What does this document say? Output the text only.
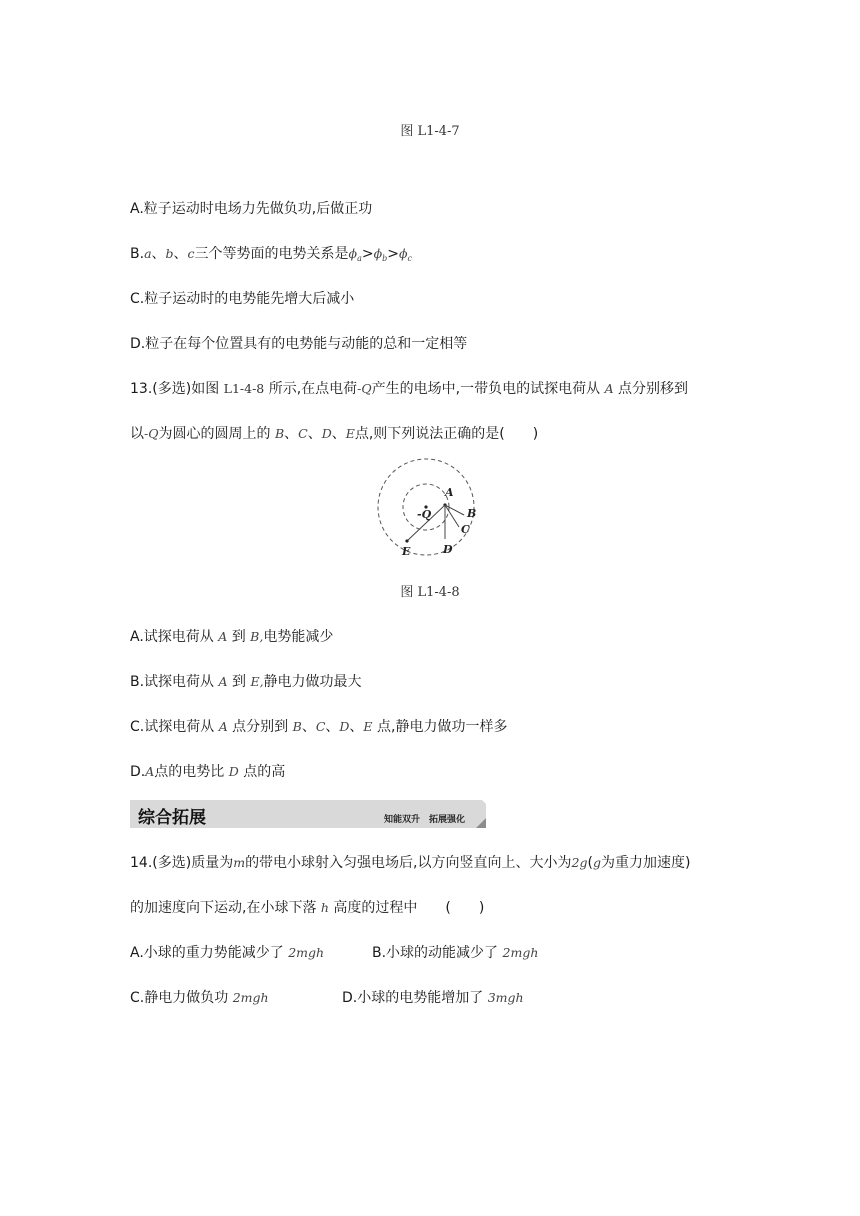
图 L1-4-7
A.粒子运动时电场力先做负功,后做正功
B.a、b、c三个等势面的电势关系是$\phi_a>\phi_b>\phi_c$
C.粒子运动时的电势能先增大后减小
D.粒子在每个位置具有的电势能与动能的总和一定相等
13.(多选)如图 L1-4-8 所示,在点电荷-Q产生的电场中,一带负电的试探电荷从 A 点分别移到
以-Q为圆心的圆周上的 B、C、D、E点,则下列说法正确的是(　　)
A
B
C
D
E
-Q
图 L1-4-8
A.试探电荷从 A 到 B,电势能减少
B.试探电荷从 A 到 E,静电力做功最大
C.试探电荷从 A 点分别到 B、C、D、E 点,静电力做功一样多
D.A点的电势比 D 点的高
综合拓展	知能双升　拓展强化
14.(多选)质量为m的带电小球射入匀强电场后,以方向竖直向上、大小为2g(g为重力加速度)
的加速度向下运动,在小球下落 h 高度的过程中　　(　　)
A.小球的重力势能减少了 2mgh	B.小球的动能减少了 2mgh
C.静电力做负功 2mgh	D.小球的电势能增加了 3mgh
